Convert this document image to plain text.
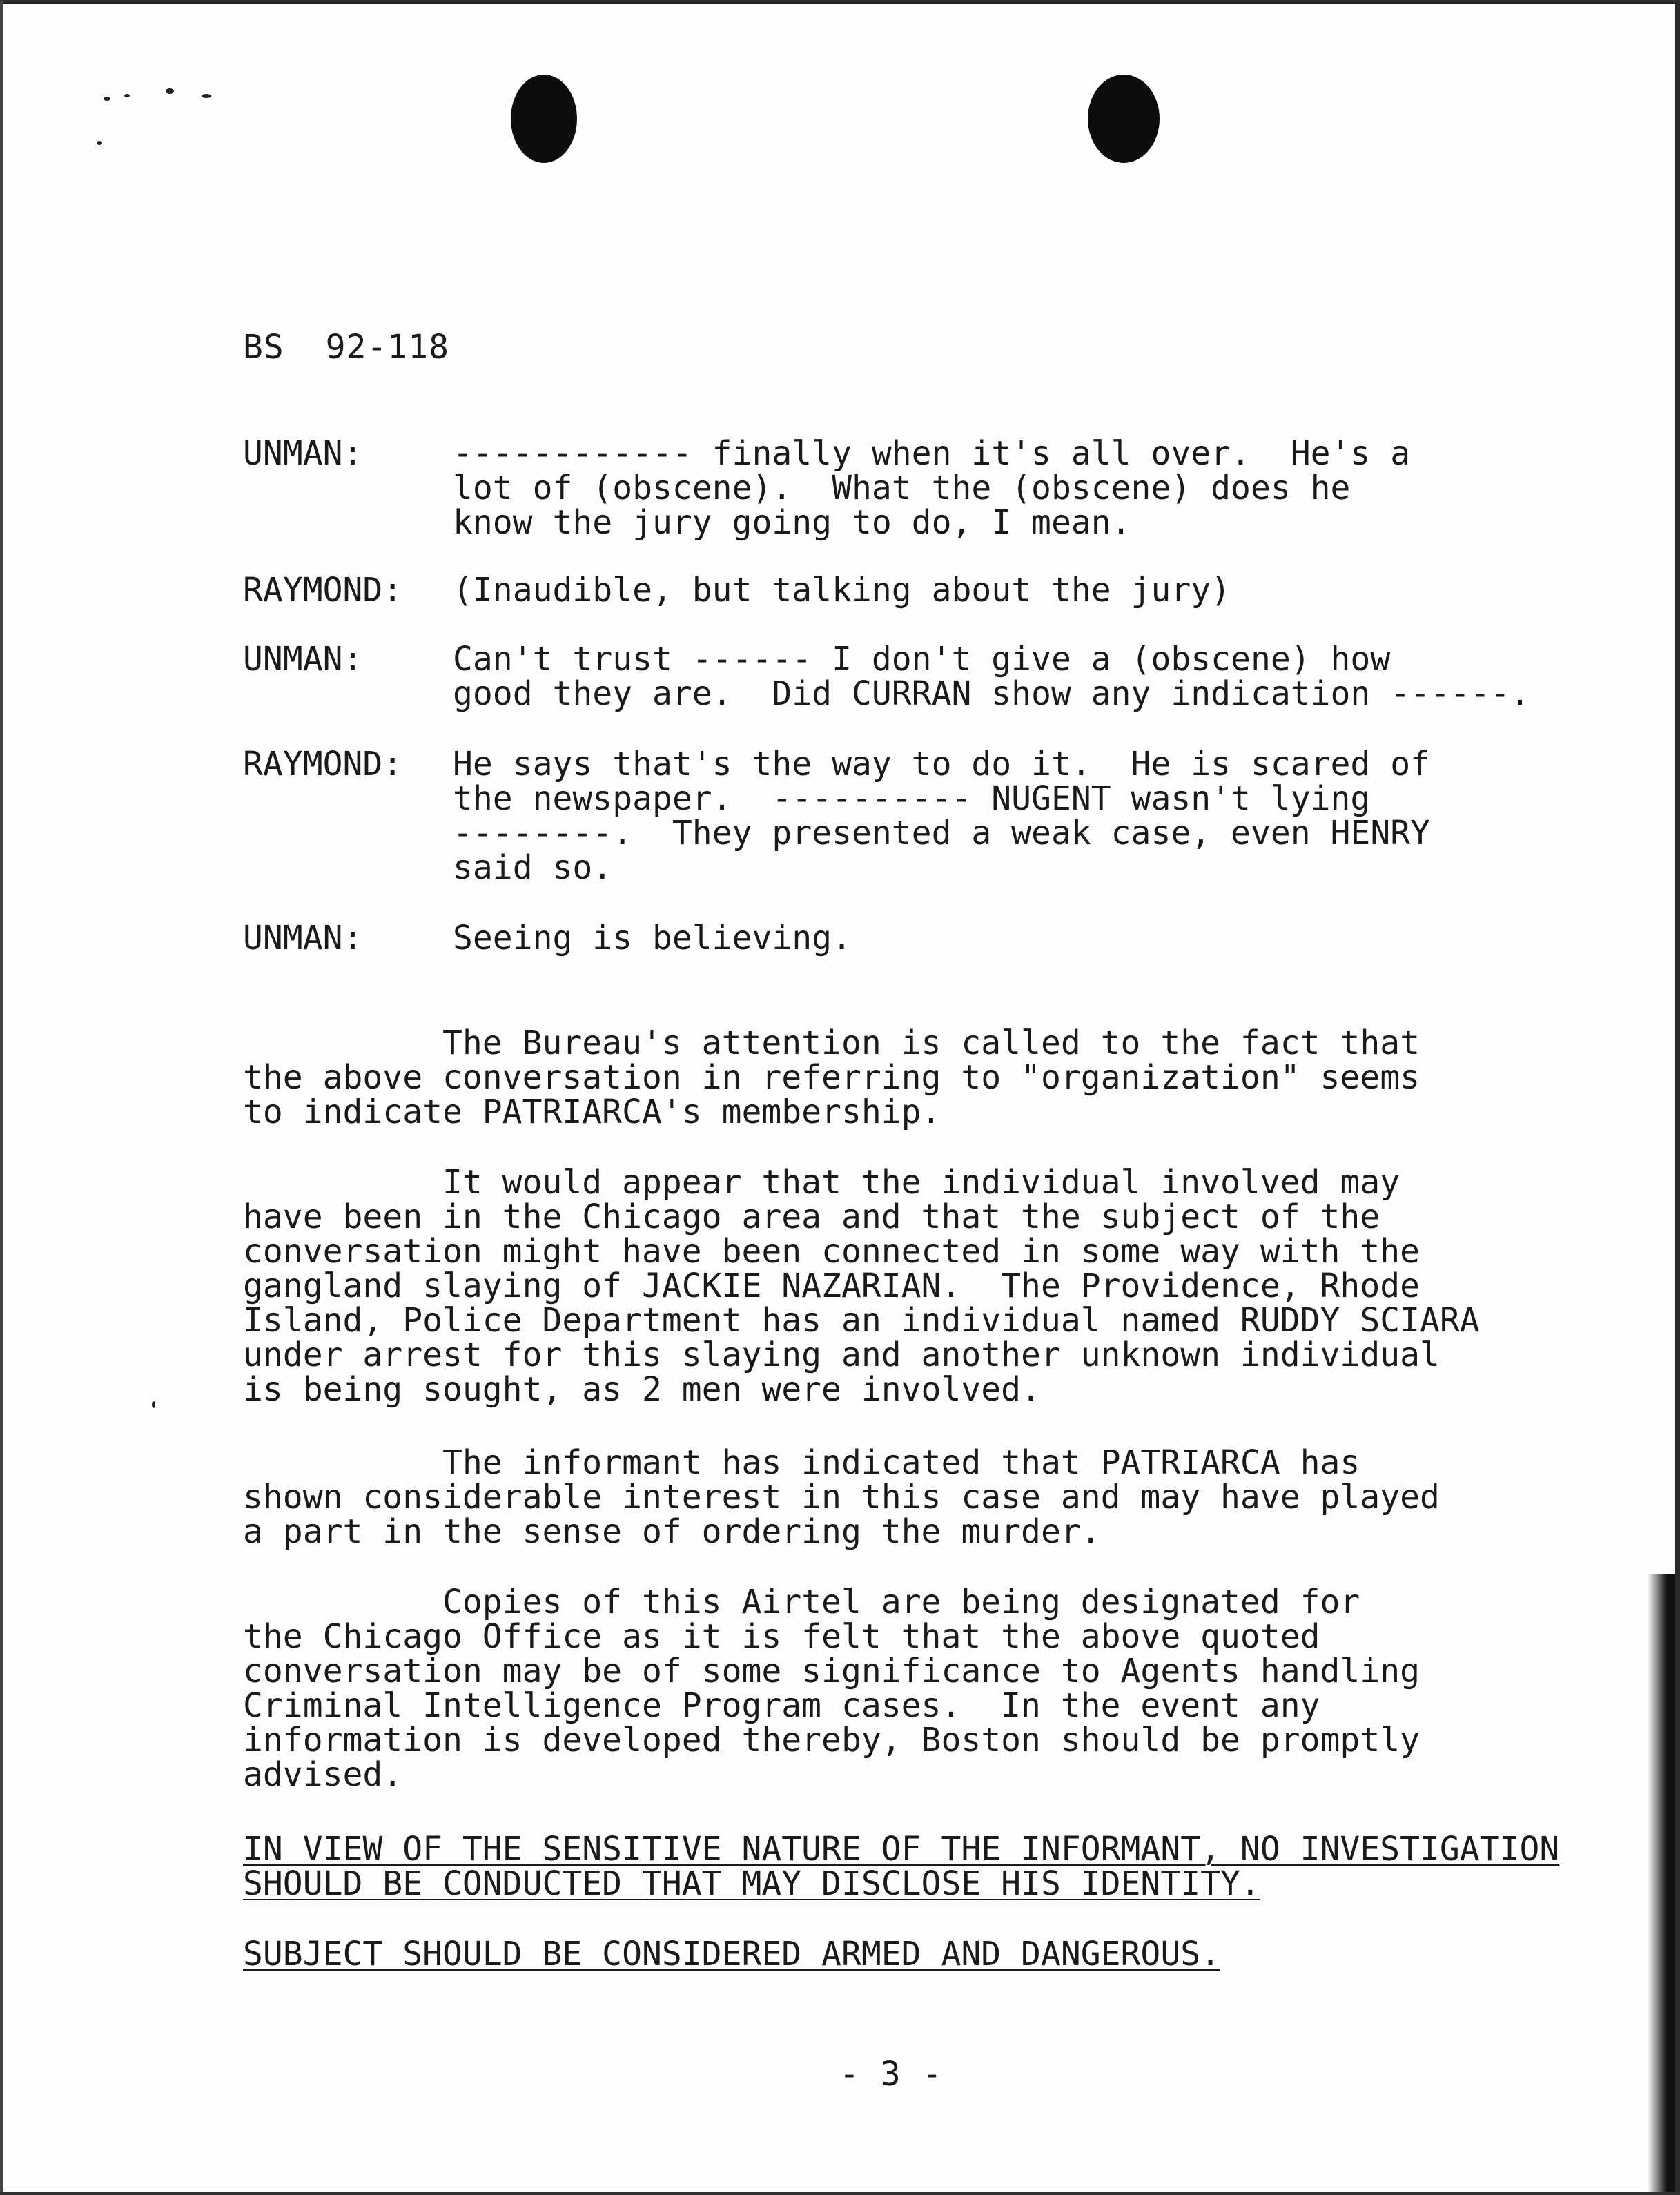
BS  92-118
UNMAN:	------------ finally when it's all over.  He's a
lot of (obscene).  What the (obscene) does he
know the jury going to do, I mean.
RAYMOND: (Inaudible, but talking about the jury)
UNMAN:	Can't trust ------ I don't give a (obscene) how
good they are.  Did CURRAN show any indication ------.
RAYMOND: He says that's the way to do it.  He is scared of
the newspaper.  ---------- NUGENT wasn't lying
--------.  They presented a weak case, even HENRY
said so.
UNMAN:	Seeing is believing.
The Bureau's attention is called to the fact that
the above conversation in referring to "organization" seems
to indicate PATRIARCA's membership.
It would appear that the individual involved may
have been in the Chicago area and that the subject of the
conversation might have been connected in some way with the
gangland slaying of JACKIE NAZARIAN.  The Providence, Rhode
Island, Police Department has an individual named RUDDY SCIARA
under arrest for this slaying and another unknown individual
is being sought, as 2 men were involved.
The informant has indicated that PATRIARCA has
shown considerable interest in this case and may have played
a part in the sense of ordering the murder.
Copies of this Airtel are being designated for
the Chicago Office as it is felt that the above quoted
conversation may be of some significance to Agents handling
Criminal Intelligence Program cases.  In the event any
information is developed thereby, Boston should be promptly
advised.
IN VIEW OF THE SENSITIVE NATURE OF THE INFORMANT, NO INVESTIGATION
SHOULD BE CONDUCTED THAT MAY DISCLOSE HIS IDENTITY.
SUBJECT SHOULD BE CONSIDERED ARMED AND DANGEROUS.
- 3 -
